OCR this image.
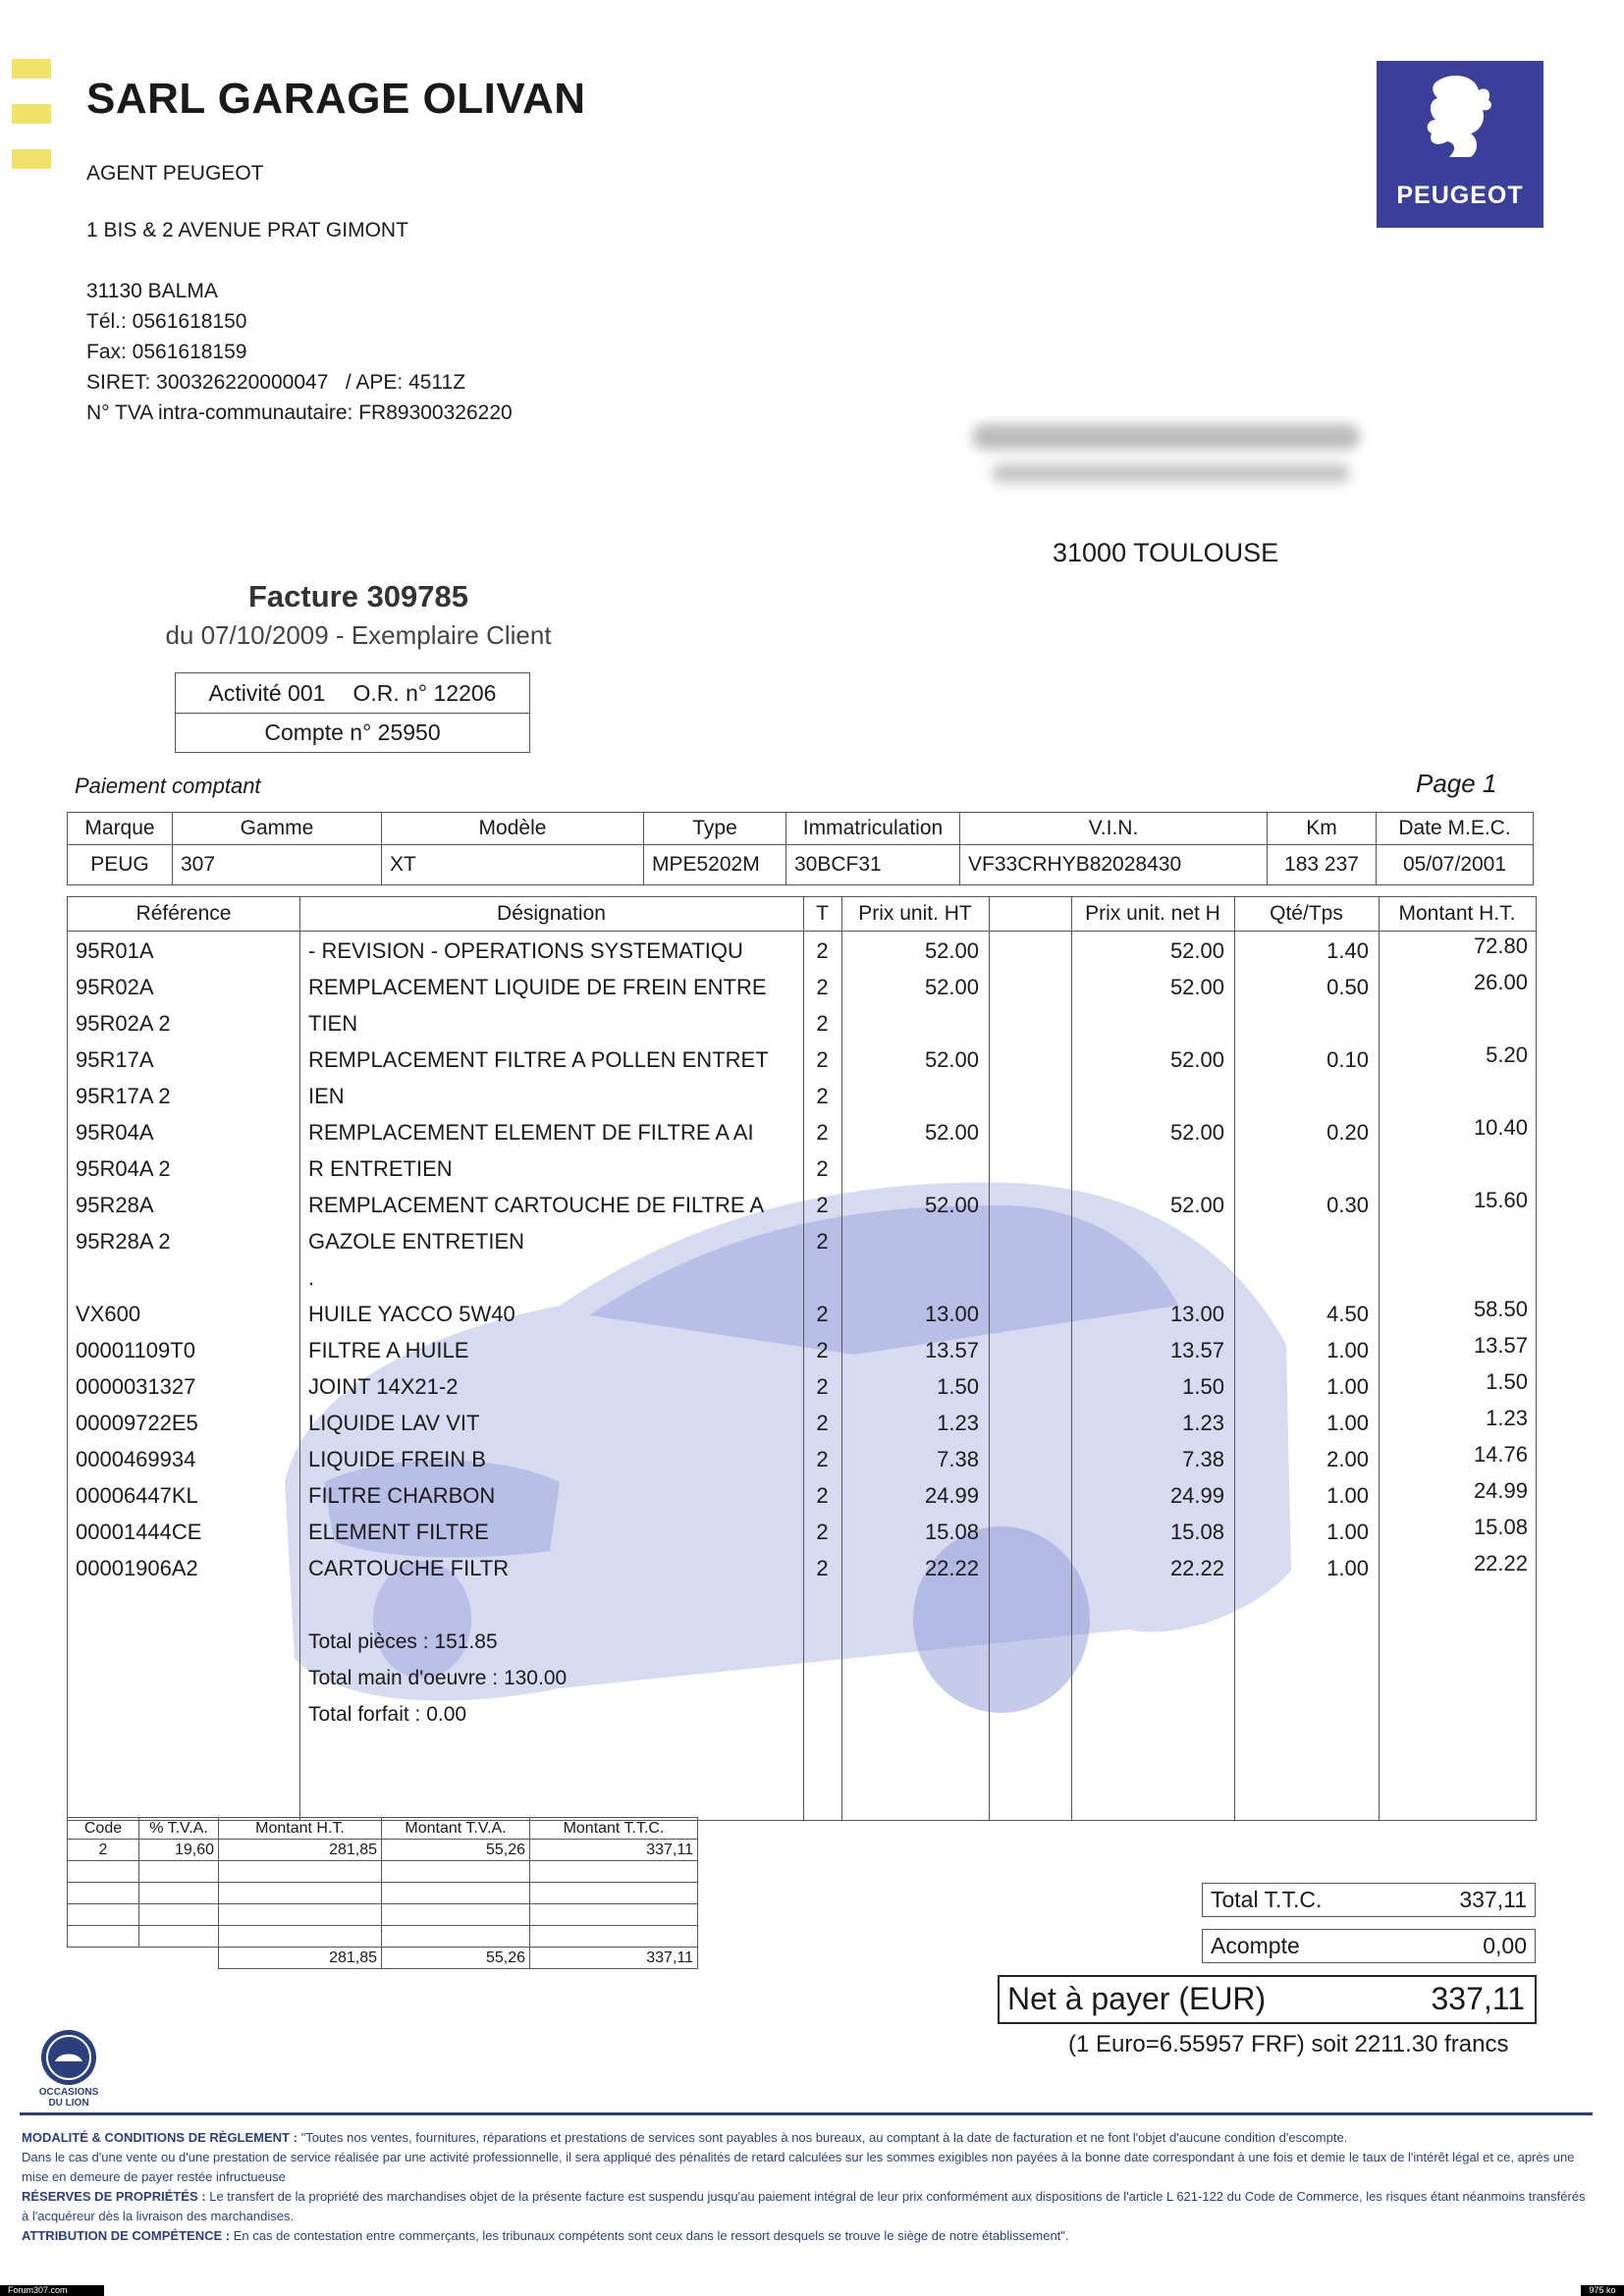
SARL GARAGE OLIVAN
AGENT PEUGEOT
1 BIS & 2 AVENUE PRAT GIMONT
31130 BALMA
Tél.: 0561618150
Fax: 0561618159
SIRET: 300326220000047   / APE: 4511Z
N° TVA intra-communautaire: FR89300326220
PEUGEOT
31000 TOULOUSE
Facture 309785
du 07/10/2009 - Exemplaire Client
Activité 001 O.R. n° 12206
Compte n° 25950
Paiement comptant	Page 1
Marque	Gamme	Modèle	Type	Immatriculation	V.I.N.	Km	Date M.E.C.
PEUG	307	XT	MPE5202M	30BCF31	VF33CRHYB82028430	183 237	05/07/2001
Référence	Désignation	T	Prix unit. HT	Prix unit. net H	Qté/Tps	Montant H.T.
95R01A	- REVISION - OPERATIONS SYSTEMATIQU	2	52.00	52.00	1.40	72.80
95R02A	REMPLACEMENT LIQUIDE DE FREIN ENTRE	2	52.00	52.00	0.50	26.00
95R02A 2	TIEN	2
95R17A	REMPLACEMENT FILTRE A POLLEN ENTRET	2	52.00	52.00	0.10	5.20
95R17A 2	IEN	2
95R04A	REMPLACEMENT ELEMENT DE FILTRE A AI	2	52.00	52.00	0.20	10.40
95R04A 2	R ENTRETIEN	2
95R28A	REMPLACEMENT CARTOUCHE DE FILTRE A	2	52.00	52.00	0.30	15.60
95R28A 2	GAZOLE ENTRETIEN	2
.
VX600	HUILE YACCO 5W40	2	13.00	13.00	4.50	58.50
00001109T0	FILTRE A HUILE	2	13.57	13.57	1.00	13.57
0000031327	JOINT 14X21-2	2	1.50	1.50	1.00	1.50
00009722E5	LIQUIDE LAV VIT	2	1.23	1.23	1.00	1.23
0000469934	LIQUIDE FREIN B	2	7.38	7.38	2.00	14.76
00006447KL	FILTRE CHARBON	2	24.99	24.99	1.00	24.99
00001444CE	ELEMENT FILTRE	2	15.08	15.08	1.00	15.08
00001906A2	CARTOUCHE FILTR	2	22.22	22.22	1.00	22.22
Total pièces : 151.85
Total main d'oeuvre : 130.00
Total forfait : 0.00
Code	% T.V.A.	Montant H.T.	Montant T.V.A.	Montant T.T.C.
2	19,60	281,85	55,26	337,11

		281,85	55,26	337,11
Total T.T.C.	337,11
Acompte	0,00
Net à payer (EUR)	337,11
(1 Euro=6.55957 FRF) soit 2211.30 francs
OCCASIONS
DU LION
MODALITÉ & CONDITIONS DE RÈGLEMENT : "Toutes nos ventes, fournitures, réparations et prestations de services sont payables à nos bureaux, au comptant à la date de facturation et ne font l'objet d'aucune condition d'escompte.
Dans le cas d'une vente ou d'une prestation de service réalisée par une activité professionnelle, il sera appliqué des pénalités de retard calculées sur les sommes exigibles non payées à la bonne date correspondant à une fois et demie le taux de l'intérêt légal et ce, après une mise en demeure de payer restée infructueuse
RÉSERVES DE PROPRIÉTÉS : Le transfert de la propriété des marchandises objet de la présente facture est suspendu jusqu'au paiement intégral de leur prix conformément aux dispositions de l'article L 621-122 du Code de Commerce, les risques étant néanmoins transférés à l'acquéreur dès la livraison des marchandises.
ATTRIBUTION DE COMPÉTENCE : En cas de contestation entre commerçants, les tribunaux compétents sont ceux dans le ressort desquels se trouve le siège de notre établissement".
Forum307.com	975 ko
